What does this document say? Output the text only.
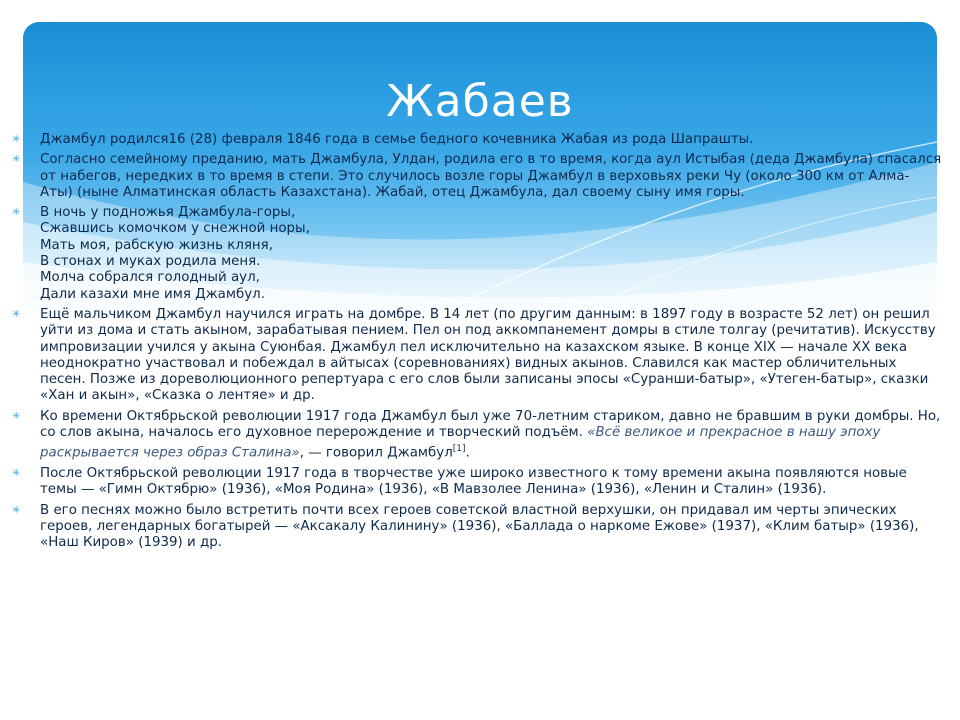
Жабаев
✳ Джамбул родился16 (28) февраля 1846 года в семье бедного кочевника Жабая из рода Шапрашты.
✳ Согласно семейному преданию, мать Джамбула, Улдан, родила его в то время, когда аул Истыбая (деда Джамбула) спасался от набегов, нередких в то время в степи. Это случилось возле горы Джамбул в верховьях реки Чу (около 300 км от Алма-Аты) (ныне Алматинская область Казахстана). Жабай, отец Джамбула, дал своему сыну имя горы.
✳ В ночь у подножья Джамбула-горы,
Сжавшись комочком у снежной норы,
Мать моя, рабскую жизнь кляня,
В стонах и муках родила меня.
Молча собрался голодный аул,
Дали казахи мне имя Джамбул.
✳ Ещё мальчиком Джамбул научился играть на домбре. В 14 лет (по другим данным: в 1897 году в возрасте 52 лет) он решил уйти из дома и стать акыном, зарабатывая пением. Пел он под аккомпанемент домры в стиле толгау (речитатив). Искусству импровизации учился у акына Суюнбая. Джамбул пел исключительно на казахском языке. В конце XIX — начале XX века неоднократно участвовал и побеждал в айтысах (соревнованиях) видных акынов. Славился как мастер обличительных песен. Позже из дореволюционного репертуара с его слов были записаны эпосы «Суранши-батыр», «Утеген-батыр», сказки «Хан и акын», «Сказка о лентяе» и др.
✳ Ко времени Октябрьской революции 1917 года Джамбул был уже 70-летним стариком, давно не бравшим в руки домбры. Но, со слов акына, началось его духовное перерождение и творческий подъём. «Всё великое и прекрасное в нашу эпоху раскрывается через образ Сталина», — говорил Джамбул[1].
✳ После Октябрьской революции 1917 года в творчестве уже широко известного к тому времени акына появляются новые темы — «Гимн Октябрю» (1936), «Моя Родина» (1936), «В Мавзолее Ленина» (1936), «Ленин и Сталин» (1936).
✳ В его песнях можно было встретить почти всех героев советской властной верхушки, он придавал им черты эпических героев, легендарных богатырей — «Аксакалу Калинину» (1936), «Баллада о наркоме Ежове» (1937), «Клим батыр» (1936), «Наш Киров» (1939) и др.
